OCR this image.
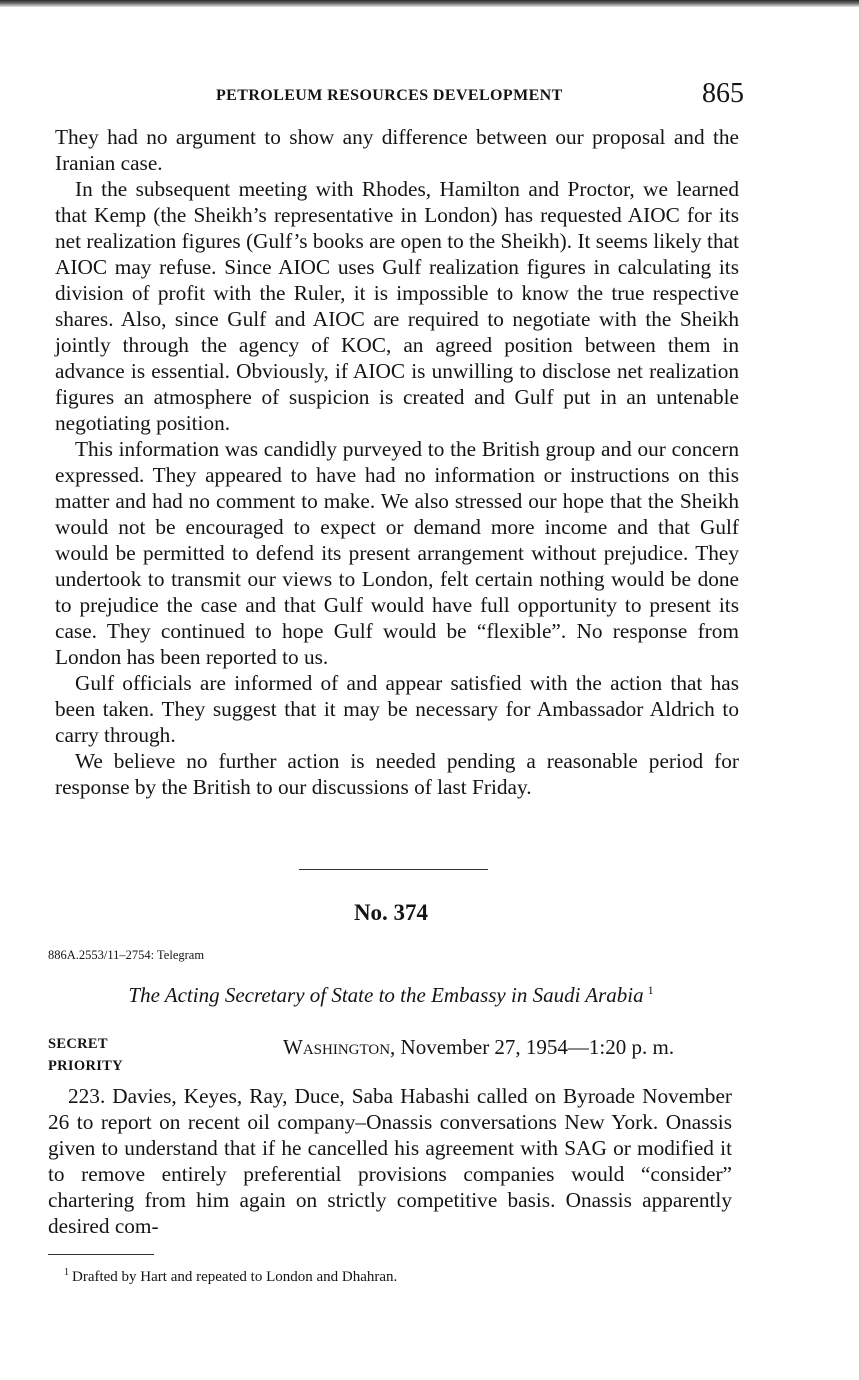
PETROLEUM RESOURCES DEVELOPMENT	865

They had no argument to show any difference between our proposal and the Iranian case.

In the subsequent meeting with Rhodes, Hamilton and Proctor, we learned that Kemp (the Sheikh’s representative in London) has requested AIOC for its net realization figures (Gulf’s books are open to the Sheikh). It seems likely that AIOC may refuse. Since AIOC uses Gulf realization figures in calculating its division of profit with the Ruler, it is impossible to know the true respective shares. Also, since Gulf and AIOC are required to negotiate with the Sheikh jointly through the agency of KOC, an agreed position between them in advance is essential. Obviously, if AIOC is unwilling to disclose net realization figures an atmosphere of suspicion is created and Gulf put in an untenable negotiating position.

This information was candidly purveyed to the British group and our concern expressed. They appeared to have had no information or instructions on this matter and had no comment to make. We also stressed our hope that the Sheikh would not be encouraged to expect or demand more income and that Gulf would be permitted to defend its present arrangement without prejudice. They undertook to transmit our views to London, felt certain nothing would be done to prejudice the case and that Gulf would have full opportunity to present its case. They continued to hope Gulf would be “flexible”. No response from London has been reported to us.

Gulf officials are informed of and appear satisfied with the action that has been taken. They suggest that it may be necessary for Ambassador Aldrich to carry through.

We believe no further action is needed pending a reasonable period for response by the British to our discussions of last Friday.

No. 374
886A.2553/11–2754: Telegram
The Acting Secretary of State to the Embassy in Saudi Arabia $^1$
SECRET
PRIORITY
Washington, November 27, 1954—1:20 p. m.

223. Davies, Keyes, Ray, Duce, Saba Habashi called on Byroade November 26 to report on recent oil company–Onassis conversations New York. Onassis given to understand that if he cancelled his agreement with SAG or modified it to remove entirely preferential provisions companies would “consider” chartering from him again on strictly competitive basis. Onassis apparently desired com-

$^1$ Drafted by Hart and repeated to London and Dhahran.
